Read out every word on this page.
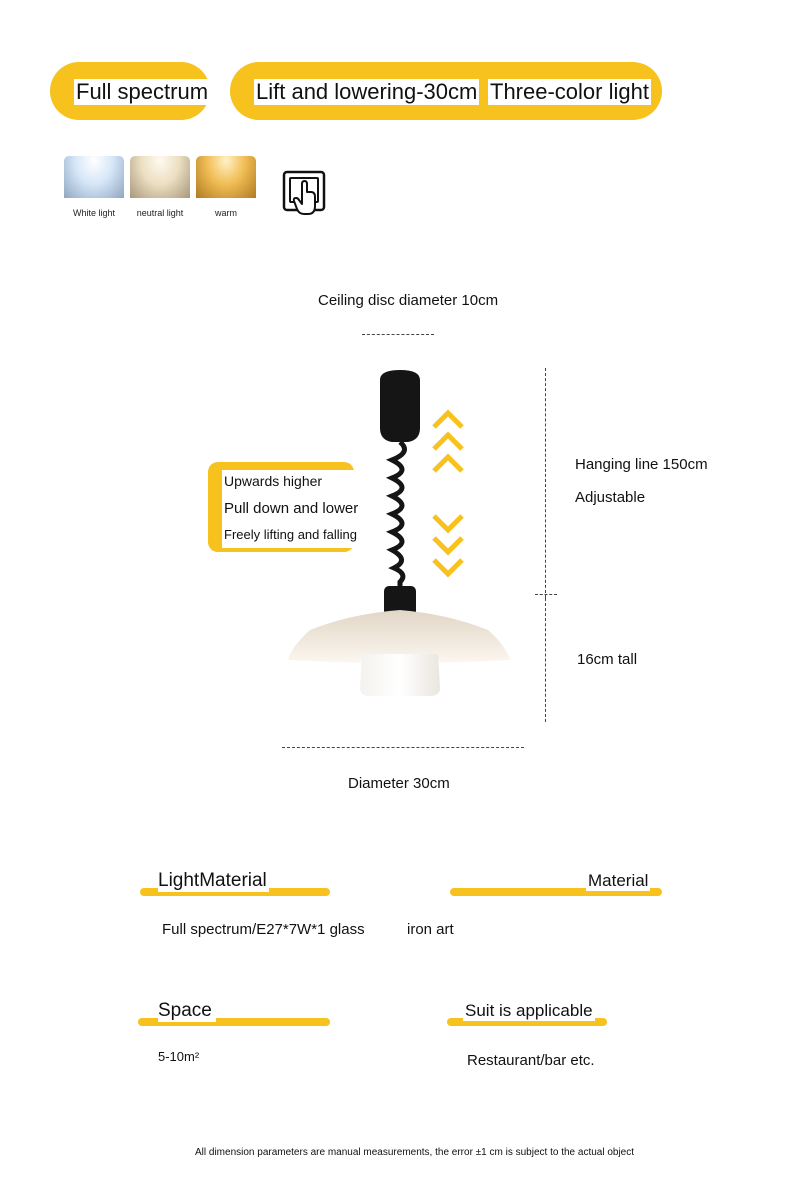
Full spectrum Lift and lowering-30cm Three-color light
White light	neutral light	warm
Ceiling disc diameter 10cm
Upwards higher
Pull down and lower
Freely lifting and falling
Hanging line 150cm
Adjustable
16cm tall
Diameter 30cm
LightMaterial	Material
Full spectrum/E27*7W*1 glass	iron art
Space	Suit is applicable
5-10m²	Restaurant/bar etc.
All dimension parameters are manual measurements, the error ±1 cm is subject to the actual object
